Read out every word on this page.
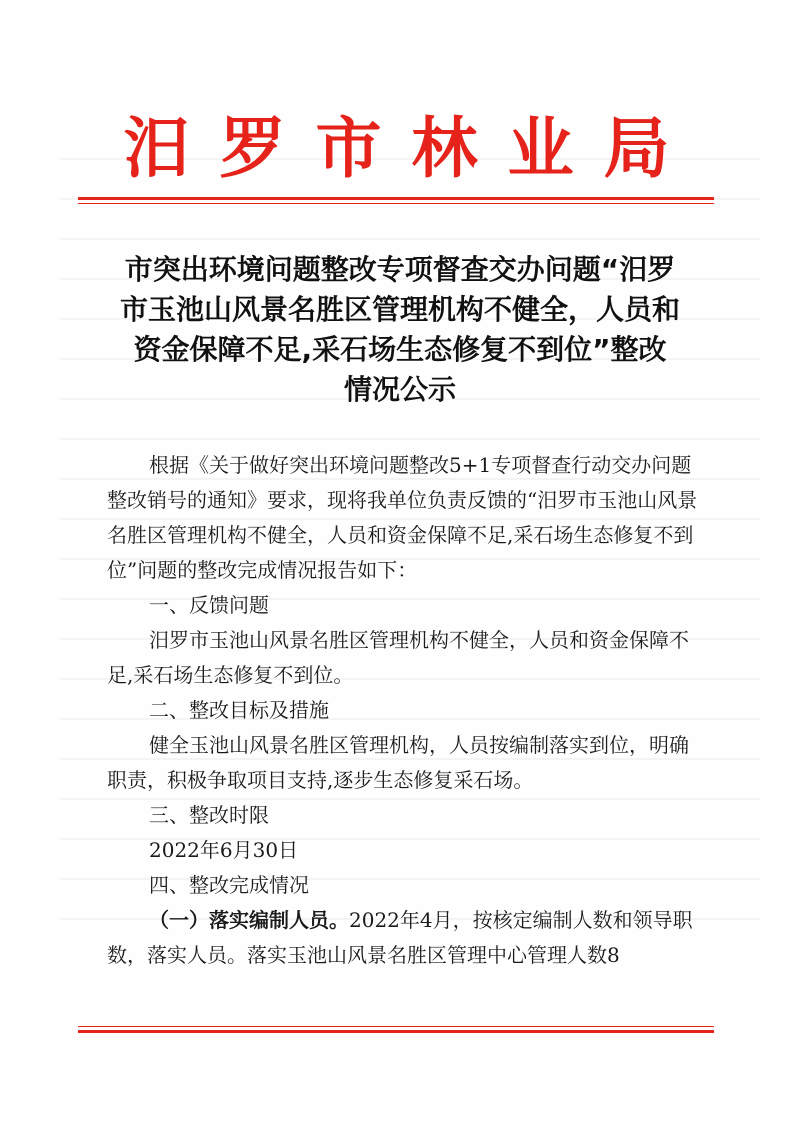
汨罗市林业局
市突出环境问题整改专项督查交办问题“汨罗
市玉池山风景名胜区管理机构不健全，人员和
资金保障不足,采石场生态修复不到位”整改
情况公示

根据《关于做好突出环境问题整改5+1专项督查行动交办问题整改销号的通知》要求，现将我单位负责反馈的“汨罗市玉池山风景名胜区管理机构不健全，人员和资金保障不足,采石场生态修复不到位”问题的整改完成情况报告如下：

一、反馈问题

汨罗市玉池山风景名胜区管理机构不健全，人员和资金保障不足,采石场生态修复不到位。

二、整改目标及措施

健全玉池山风景名胜区管理机构，人员按编制落实到位，明确职责，积极争取项目支持,逐步生态修复采石场。

三、整改时限

2022年6月30日

四、整改完成情况

（一）落实编制人员。2022年4月，按核定编制人数和领导职数，落实人员。落实玉池山风景名胜区管理中心管理人数8
